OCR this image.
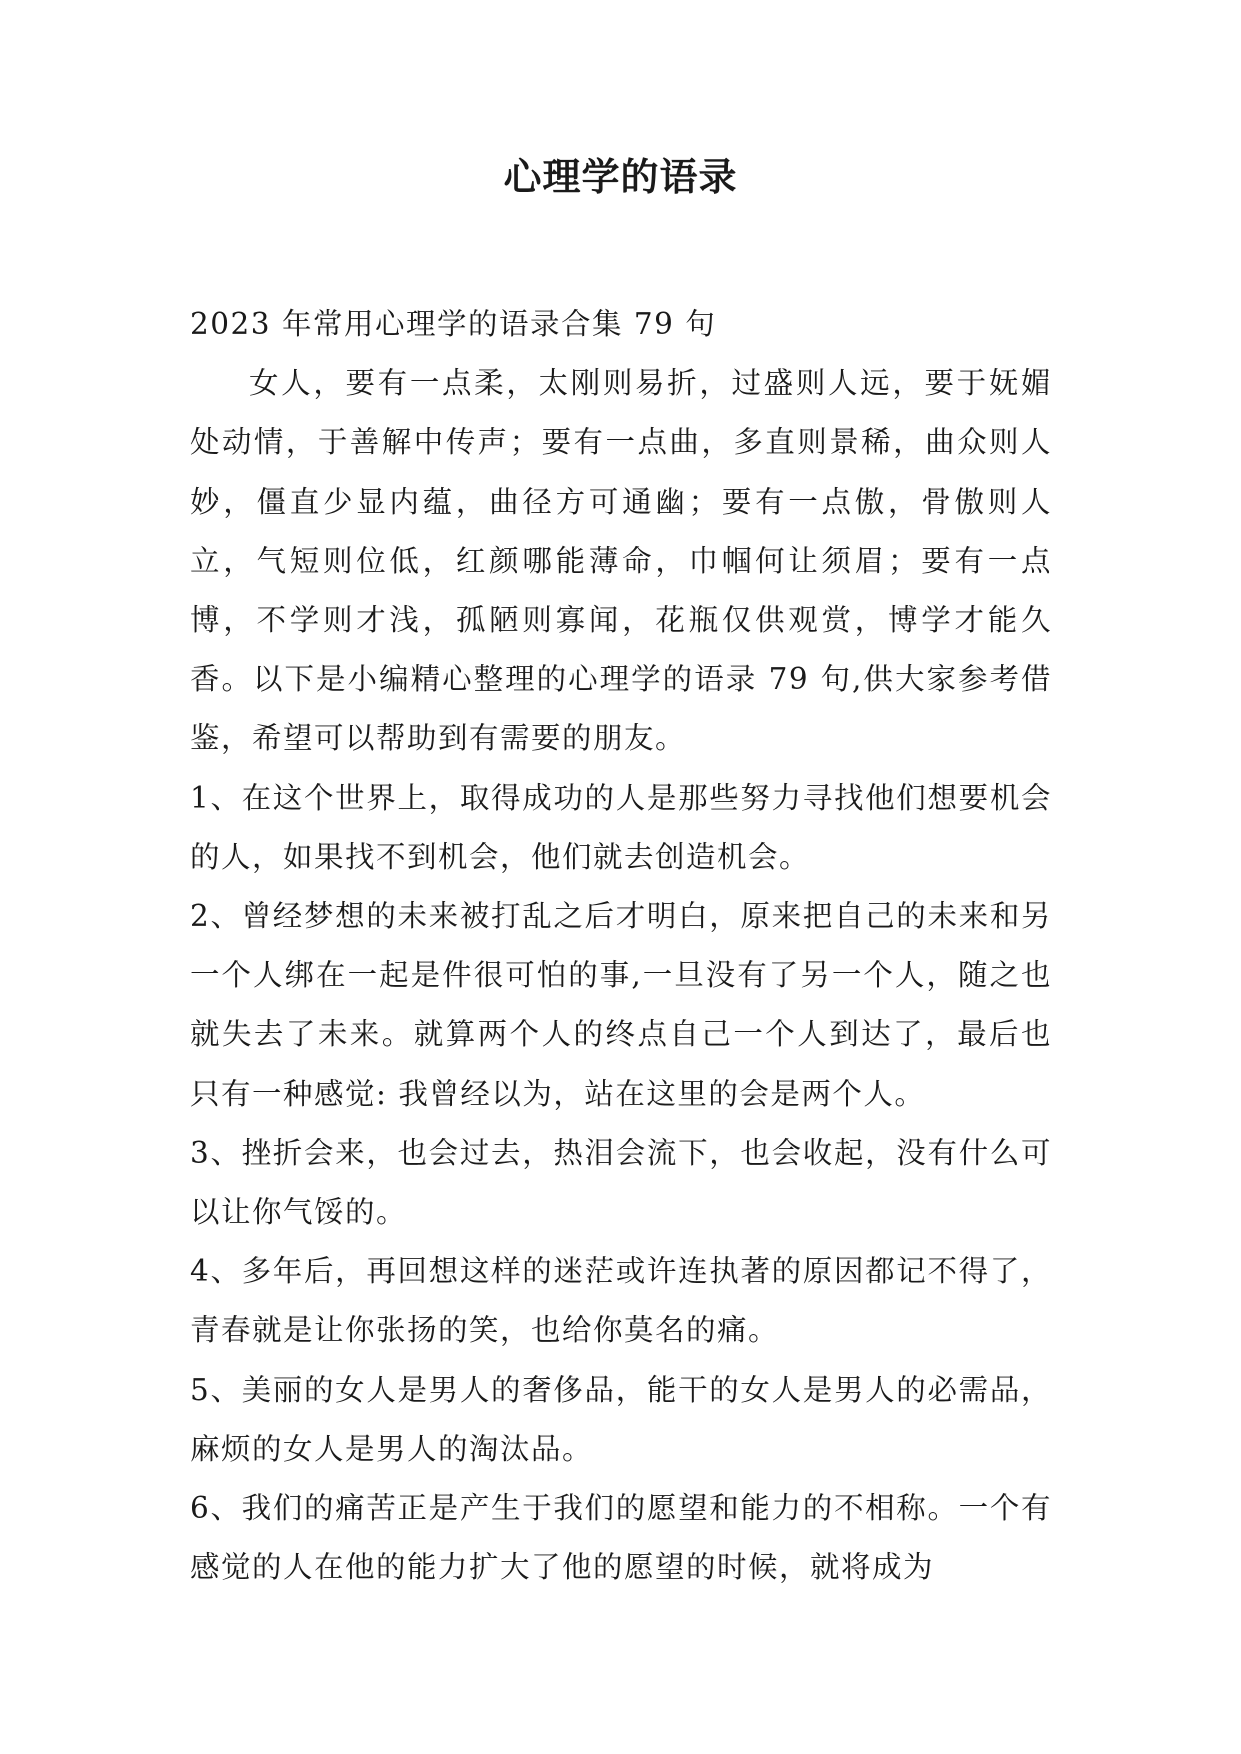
心理学的语录

2023 年常用心理学的语录合集 79 句

女人，要有一点柔，太刚则易折，过盛则人远，要于妩媚处动情，于善解中传声；要有一点曲，多直则景稀，曲众则人妙，僵直少显内蕴，曲径方可通幽；要有一点傲，骨傲则人立，气短则位低，红颜哪能薄命，巾帼何让须眉；要有一点博，不学则才浅，孤陋则寡闻，花瓶仅供观赏，博学才能久香。以下是小编精心整理的心理学的语录 79 句,供大家参考借鉴，希望可以帮助到有需要的朋友。

1、在这个世界上，取得成功的人是那些努力寻找他们想要机会的人，如果找不到机会，他们就去创造机会。

2、曾经梦想的未来被打乱之后才明白，原来把自己的未来和另一个人绑在一起是件很可怕的事,一旦没有了另一个人，随之也就失去了未来。就算两个人的终点自己一个人到达了，最后也只有一种感觉: 我曾经以为，站在这里的会是两个人。

3、挫折会来，也会过去，热泪会流下，也会收起，没有什么可以让你气馁的。

4、多年后，再回想这样的迷茫或许连执著的原因都记不得了，青春就是让你张扬的笑，也给你莫名的痛。

5、美丽的女人是男人的奢侈品，能干的女人是男人的必需品，麻烦的女人是男人的淘汰品。

6、我们的痛苦正是产生于我们的愿望和能力的不相称。一个有感觉的人在他的能力扩大了他的愿望的时候，就将成为
